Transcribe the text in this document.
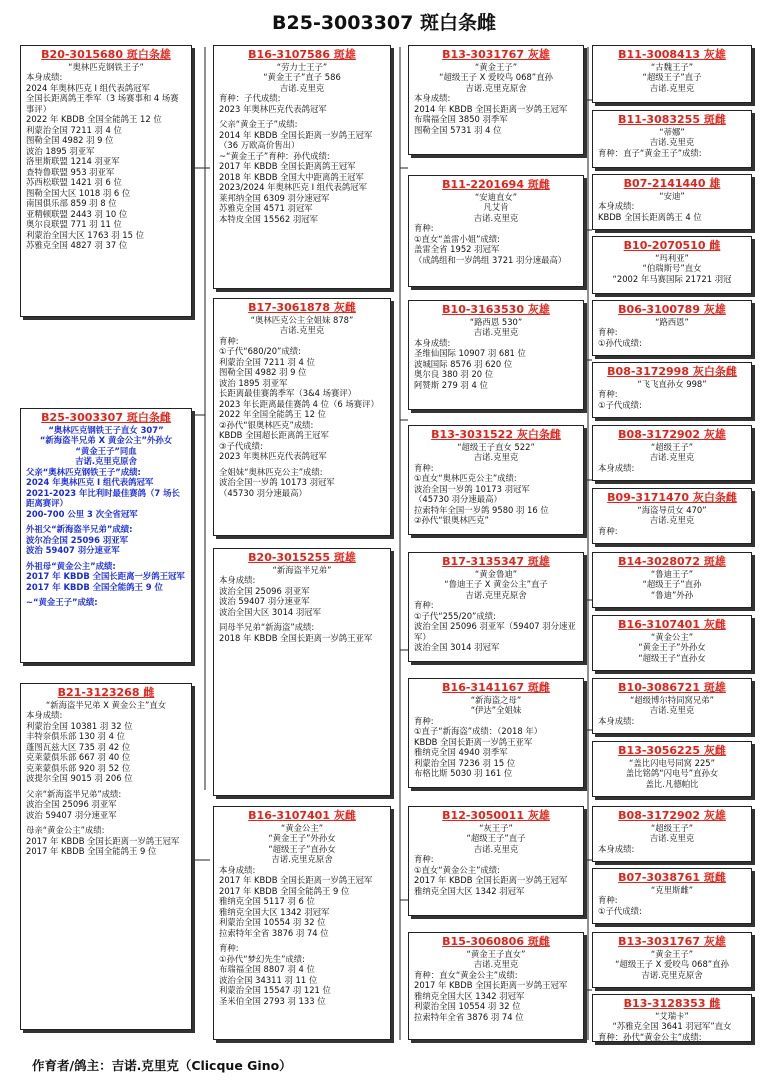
B25-3003307 斑白条雌
B25-3003307 斑白条雌
“奥林匹克钢铁王子直女 307”
“新海盗半兄弟 X 黄金公主”外孙女
“黄金王子”同血
吉诺.克里克原舍
父亲“奥林匹克钢铁王子”成绩:
2024 年奥林匹克 I 组代表鸽冠军
2021-2023 年比利时最佳赛鸽（7 场长距离赛评）
200-700 公里 3 次全省冠军
外祖父“新海盗半兄弟”成绩:
波尔冶全国 25096 羽亚军
波治 59407 羽分速亚军
外祖母“黄金公主”成绩:
2017 年 KBDB 全国长距离一岁鸽王冠军
2017 年 KBDB 全国全能鸽王 9 位
~“黄金王子”成绩:
B20-3015680 斑白条雄
“奥林匹克钢铁王子”
本身成绩:
2024 年奥林匹克 I 组代表鸽冠军
全国长距离鸽王季军（3 场赛事和 4 场赛事评）
2022 年 KBDB 全国全能鸽王 12 位
利蒙治全国 7211 羽 4 位
图勒全国 4982 羽 9 位
波治 1895 羽亚军
洛里斯联盟 1214 羽亚军
查特鲁联盟 953 羽亚军
苏西松联盟 1421 羽 6 位
图勒全国大区 1018 羽 6 位
南国俱乐部 859 羽 8 位
亚精顿联盟 2443 羽 10 位
奥尔良联盟 771 羽 11 位
利蒙治全国大区 1763 羽 15 位
苏雅克全国 4827 羽 37 位
B21-3123268 雌
“新海盗半兄弟 X 黄金公主”直女
本身成绩:
利蒙治全国 10381 羽 32 位
丰特奈俱乐部 130 羽 4 位
蓬图瓦兹大区 735 羽 42 位
克莱蒙俱乐部 667 羽 40 位
克莱蒙俱乐部 920 羽 52 位
波提尔全国 9015 羽 206 位
父亲“新海盗半兄弟”成绩:
波治全国 25096 羽亚军
波治 59407 羽分速亚军
母亲“黄金公主”成绩:
2017 年 KBDB 全国长距离一岁鸽王冠军
2017 年 KBDB 全国全能鸽王 9 位
B16-3107586 斑雄
“劳力士王子”
“黄金王子”直子 586
吉诺.克里克
育种：子代成绩:
2023 年奥林匹克代表鸽冠军
父亲“黄金王子”成绩:
2014 年 KBDB 全国长距离一岁鸽王冠军
（36 万欧高价售出）
~“黄金王子”育种：孙代成绩:
2017 年 KBDB 全国长距离鸽王冠军
2018 年 KBDB 全国大中距离鸽王冠军
2023/2024 年奥林匹克 I 组代表鸽冠军
莱邦纳全国 6309 羽分速冠军
苏雅克全国 4571 羽冠军
本特皮全国 15562 羽冠军
B17-3061878 灰雌
“奥林匹克公主全姐妹 878”
吉诺.克里克
育种:
①子代“680/20”成绩:
利蒙治全国 7211 羽 4 位
图勒全国 4982 羽 9 位
波治 1895 羽亚军
长距离最佳赛鸽季军（3&4 场赛评）
2023 年长距离最佳赛鸽 4 位（6 场赛评）
2022 年全国全能鸽王 12 位
②孙代“银奥林匹克”成绩:
KBDB 全国超长距离鸽王冠军
③子代成绩:
2023 年奥林匹克代表鸽冠军
全姐妹“奥林匹克公主”成绩:
波治全国一岁鸽 10173 羽冠军
（45730 羽分速最高）
B20-3015255 斑雄
“新海盗半兄弟”
本身成绩:
波治全国 25096 羽亚军
波治 59407 羽分速亚军
波治全国大区 3014 羽冠军
同母半兄弟“新海盗”成绩:
2018 年 KBDB 全国长距离一岁鸽王亚军
B16-3107401 灰雌
“黄金公主”
“黄金王子”外孙女
“超级王子”直孙女
吉诺.克里克原舍
本身成绩:
2017 年 KBDB 全国长距离一岁鸽王冠军
2017 年 KBDB 全国全能鸽王 9 位
雅纳克全国 5117 羽 6 位
雅纳克全国大区 1342 羽冠军
利蒙治全国 10554 羽 32 位
拉索特年全省 3876 羽 74 位
育种:
①孙代“梦幻先生”成绩:
布瑞福全国 8807 羽 4 位
波治全国 34311 羽 11 位
利蒙治全国 15547 羽 121 位
圣米伯全国 2793 羽 133 位
B13-3031767 灰雄
“黄金王子”
“超级王子 X 爱咬鸟 068”直孙
吉诺.克里克原舍
本身成绩:
2014 年 KBDB 全国长距离一岁鸽王冠军
布瑞福全国 3850 羽季军
图勒全国 5731 羽 4 位
B11-2201694 斑雌
“安迪直女”
凡艾肯
吉诺.克里克
育种:
①直女“盖雷小姐”成绩:
盖雷全省 1952 羽冠军
（成鸽组和一岁鸽组 3721 羽分速最高）
B10-3163530 灰雄
“路西恩 530”
吉诺.克里克
本身成绩:
圣维仙国际 10907 羽 681 位
波城国际 8576 羽 620 位
奥尔良 380 羽 20 位
阿赞斯 279 羽 4 位
B13-3031522 灰白条雌
“超级王子直女 522”
吉诺.克里克
育种:
①直女“奥林匹克公主”成绩:
波治全国一岁鸽 10173 羽冠军
（45730 羽分速最高）
拉索特年全国一岁鸽 9580 羽 16 位
②孙代“银奥林匹克”
B17-3135347 斑雄
“黄金鲁迪”
“鲁迪王子 X 黄金公主”直子
吉诺.克里克原舍
育种:
①子代“255/20”成绩:
波治全国 25096 羽亚军（59407 羽分速亚军）
波治全国 3014 羽冠军
B16-3141167 斑雌
“新海盗之母”
“伊达”全姐妹
育种:
①直子“新海盗”成绩：（2018 年）
KBDB 全国长距离一岁鸽王亚军
雅纳克全国 4940 羽季军
利蒙治全国 7236 羽 15 位
布格比斯 5030 羽 161 位
B12-3050011 灰雄
“灰王子”
“超级王子”直子
吉诺.克里克
育种:
①直女“黄金公主”成绩:
2017 年 KBDB 全国长距离一岁鸽王冠军
雅纳克全国大区 1342 羽冠军
B15-3060806 斑雌
“黄金王子直女”
吉诺.克里克
育种：直女“黄金公主”成绩:
2017 年 KBDB 全国长距离一岁鸽王冠军
雅纳克全国大区 1342 羽冠军
利蒙治全国 10554 羽 32 位
拉索特年全省 3876 羽 74 位
B11-3008413 灰雄
“古魏王子”
“超级王子”直子
吉诺.克里克
B11-3083255 斑雌
“蒂娜”
吉诺.克里克
育种：直子“黄金王子”成绩:
B07-2141440 雄
“安迪”
本身成绩:
KBDB 全国长距离鸽王 4 位
B10-2070510 雌
“玛利亚”
“伯瑞斯号”直女
“2002 年马赛国际 21721 羽冠
B06-3100789 灰雄
“路西恩”
育种:
①孙代成绩:
B08-3172998 灰白条雌
“飞飞直孙女 998”
育种:
①子代成绩:
B08-3172902 灰雄
“超级王子”
吉诺.克里克
本身成绩:
B09-3171470 灰白条雌
“海盗导员女 470”
吉诺.克里克
育种:
B14-3028072 斑雄
“鲁迪王子”
“超级王子”直孙
“鲁迪”外孙
B16-3107401 灰雌
“黄金公主”
“黄金王子”外孙女
“超级王子”直孙女
B10-3086721 斑雄
“超级博尔特同窝兄弟”
吉诺.克里克
本身成绩:
B13-3056225 灰雌
“盖比闪电号同窝 225”
盖比铭鸽“闪电号”直孙女
盖比.凡德帕比
B08-3172902 灰雄
“超级王子”
吉诺.克里克
本身成绩:
B07-3038761 斑雌
“克里斯雌”
育种:
①子代成绩:
B13-3031767 灰雄
“黄金王子”
“超级王子 X 爱咬鸟 068”直孙
吉诺.克里克原舍
B13-3128353 雌
“艾瑞卡”
“苏雅克全国 3641 羽冠军”直女
育种：孙代“黄金公主”成绩:
作育者/鸽主：吉诺.克里克（Clicque Gino）
